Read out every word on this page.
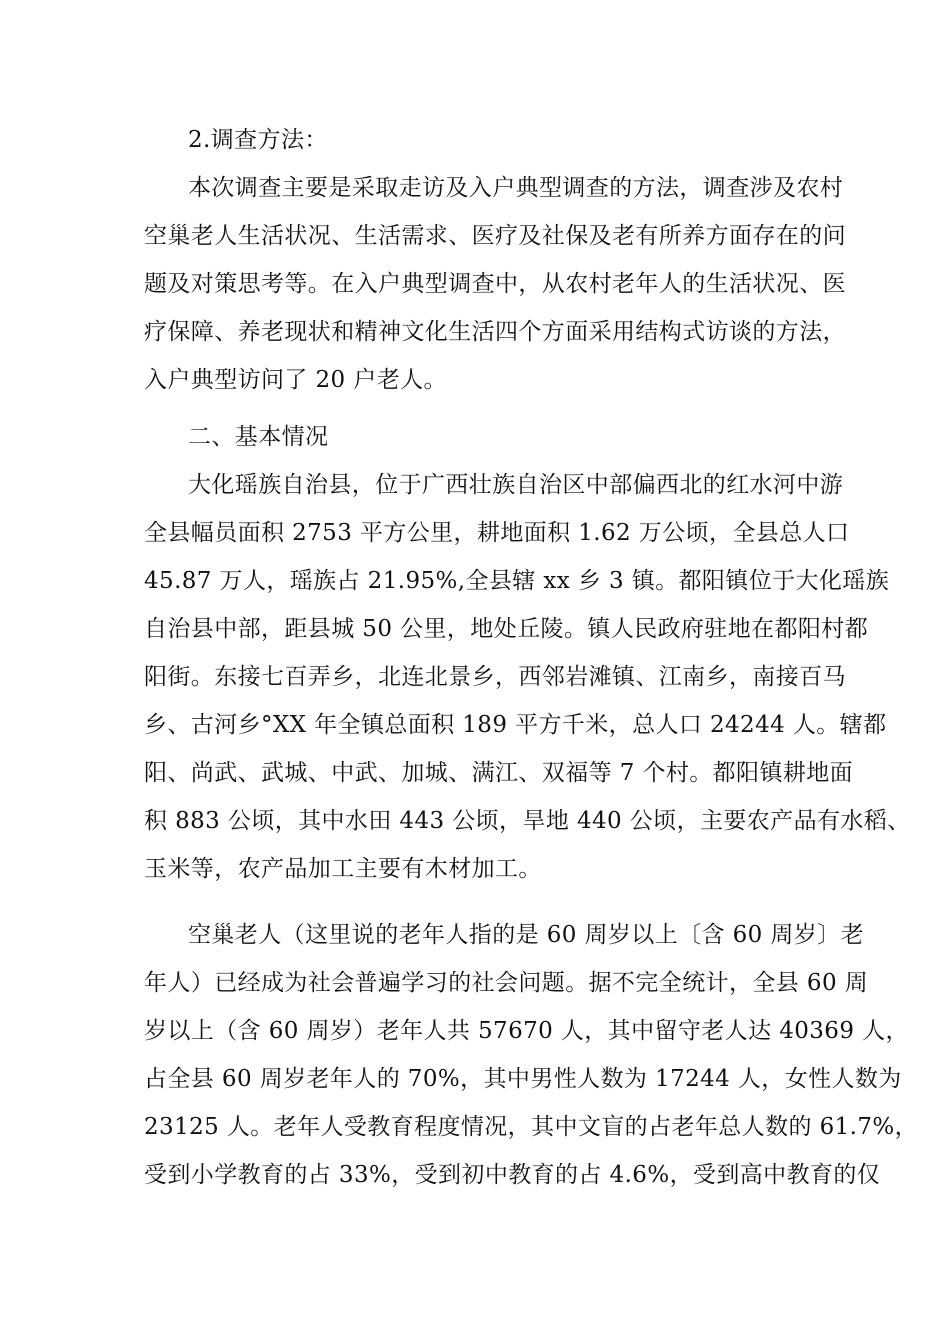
2.调查方法：
本次调查主要是采取走访及入户典型调查的方法，调查涉及农村
空巢老人生活状况、生活需求、医疗及社保及老有所养方面存在的问
题及对策思考等。在入户典型调查中，从农村老年人的生活状况、医
疗保障、养老现状和精神文化生活四个方面采用结构式访谈的方法，
入户典型访问了 20 户老人。
二、基本情况
大化瑶族自治县，位于广西壮族自治区中部偏西北的红水河中游
全县幅员面积 2753 平方公里，耕地面积 1.62 万公顷，全县总人口
45.87 万人，瑶族占 21.95%,全县辖 xx 乡 3 镇。都阳镇位于大化瑶族
自治县中部，距县城 50 公里，地处丘陵。镇人民政府驻地在都阳村都
阳街。东接七百弄乡，北连北景乡，西邻岩滩镇、江南乡，南接百马
乡、古河乡°XX 年全镇总面积 189 平方千米，总人口 24244 人。辖都
阳、尚武、武城、中武、加城、满江、双福等 7 个村。都阳镇耕地面
积 883 公顷，其中水田 443 公顷，旱地 440 公顷，主要农产品有水稻、
玉米等，农产品加工主要有木材加工。
空巢老人（这里说的老年人指的是 60 周岁以上〔含 60 周岁〕老
年人）已经成为社会普遍学习的社会问题。据不完全统计，全县 60 周
岁以上（含 60 周岁）老年人共 57670 人，其中留守老人达 40369 人，
占全县 60 周岁老年人的 70%，其中男性人数为 17244 人，女性人数为
23125 人。老年人受教育程度情况，其中文盲的占老年总人数的 61.7%，
受到小学教育的占 33%，受到初中教育的占 4.6%，受到高中教育的仅
